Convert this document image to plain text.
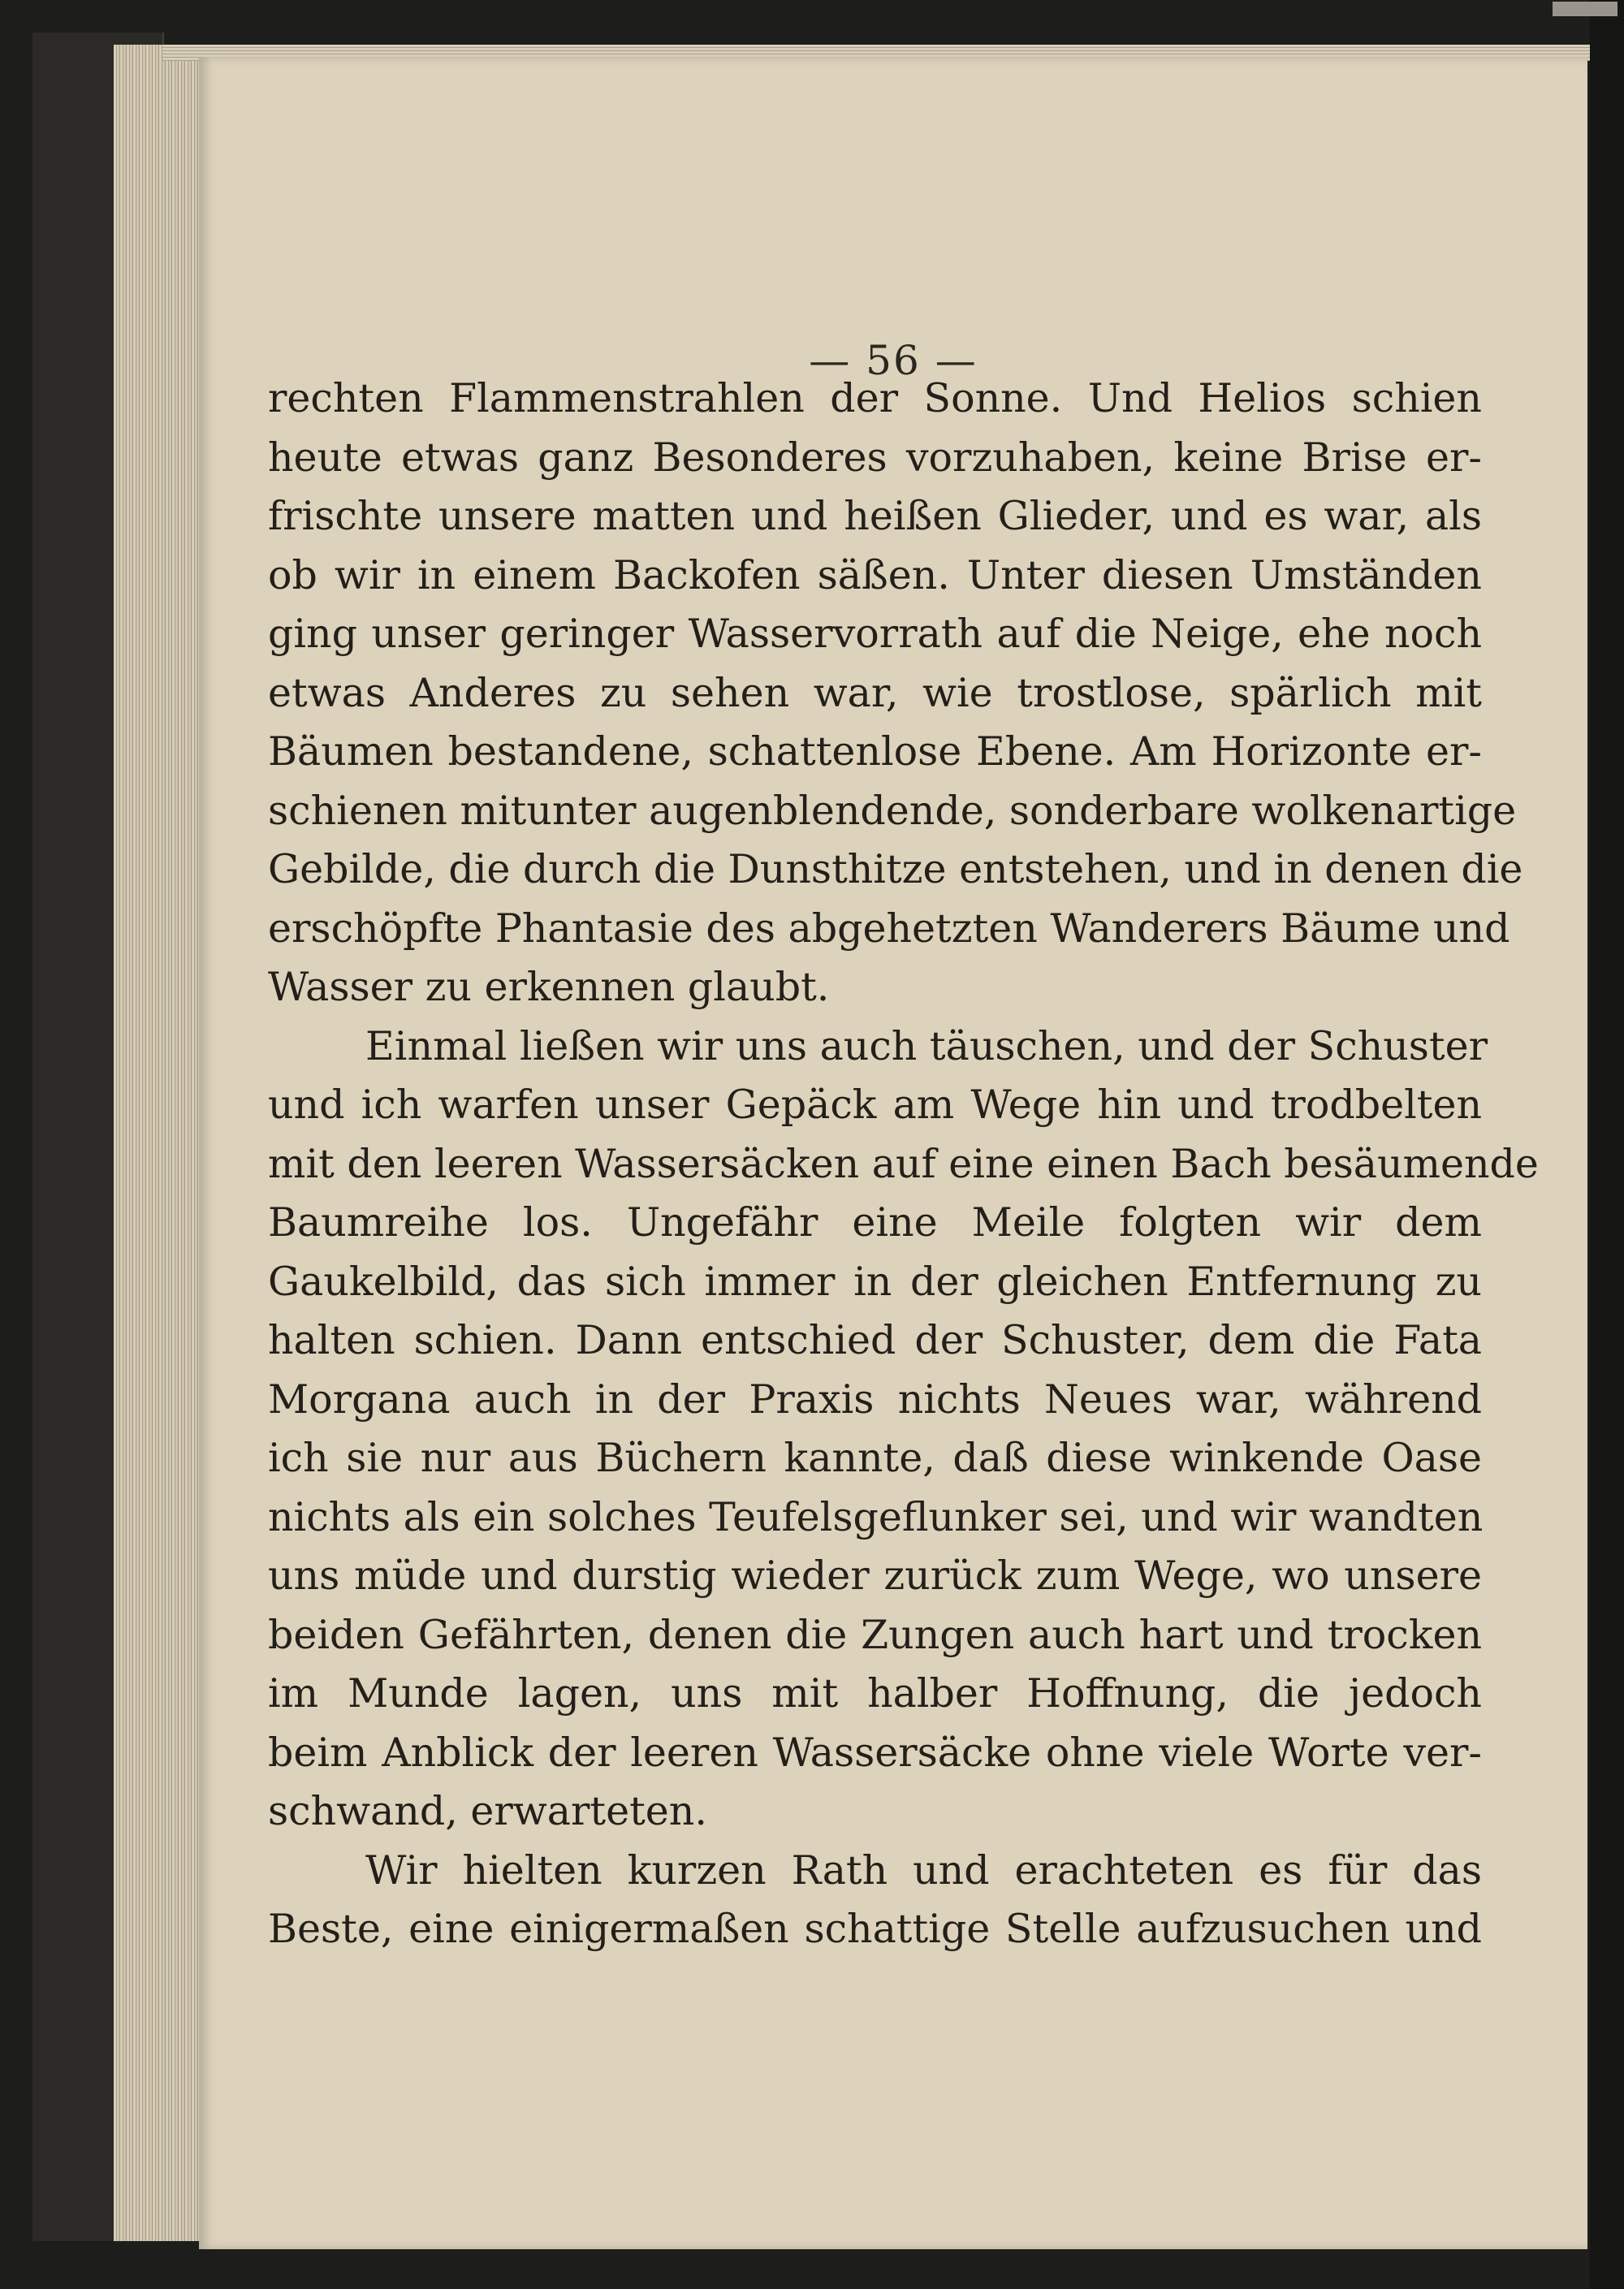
— 56 —
rechten Flammenstrahlen der Sonne. Und Helios schien
heute etwas ganz Besonderes vorzuhaben, keine Brise er-
frischte unsere matten und heißen Glieder, und es war, als
ob wir in einem Backofen säßen. Unter diesen Umständen
ging unser geringer Wasservorrath auf die Neige, ehe noch
etwas Anderes zu sehen war, wie trostlose, spärlich mit
Bäumen bestandene, schattenlose Ebene. Am Horizonte er-
schienen mitunter augenblendende, sonderbare wolkenartige
Gebilde, die durch die Dunsthitze entstehen, und in denen die
erschöpfte Phantasie des abgehetzten Wanderers Bäume und
Wasser zu erkennen glaubt.
Einmal ließen wir uns auch täuschen, und der Schuster
und ich warfen unser Gepäck am Wege hin und trodbelten
mit den leeren Wassersäcken auf eine einen Bach besäumende
Baumreihe los. Ungefähr eine Meile folgten wir dem
Gaukelbild, das sich immer in der gleichen Entfernung zu
halten schien. Dann entschied der Schuster, dem die Fata
Morgana auch in der Praxis nichts Neues war, während
ich sie nur aus Büchern kannte, daß diese winkende Oase
nichts als ein solches Teufelsgeflunker sei, und wir wandten
uns müde und durstig wieder zurück zum Wege, wo unsere
beiden Gefährten, denen die Zungen auch hart und trocken
im Munde lagen, uns mit halber Hoffnung, die jedoch
beim Anblick der leeren Wassersäcke ohne viele Worte ver-
schwand, erwarteten.
Wir hielten kurzen Rath und erachteten es für das
Beste, eine einigermaßen schattige Stelle aufzusuchen und
